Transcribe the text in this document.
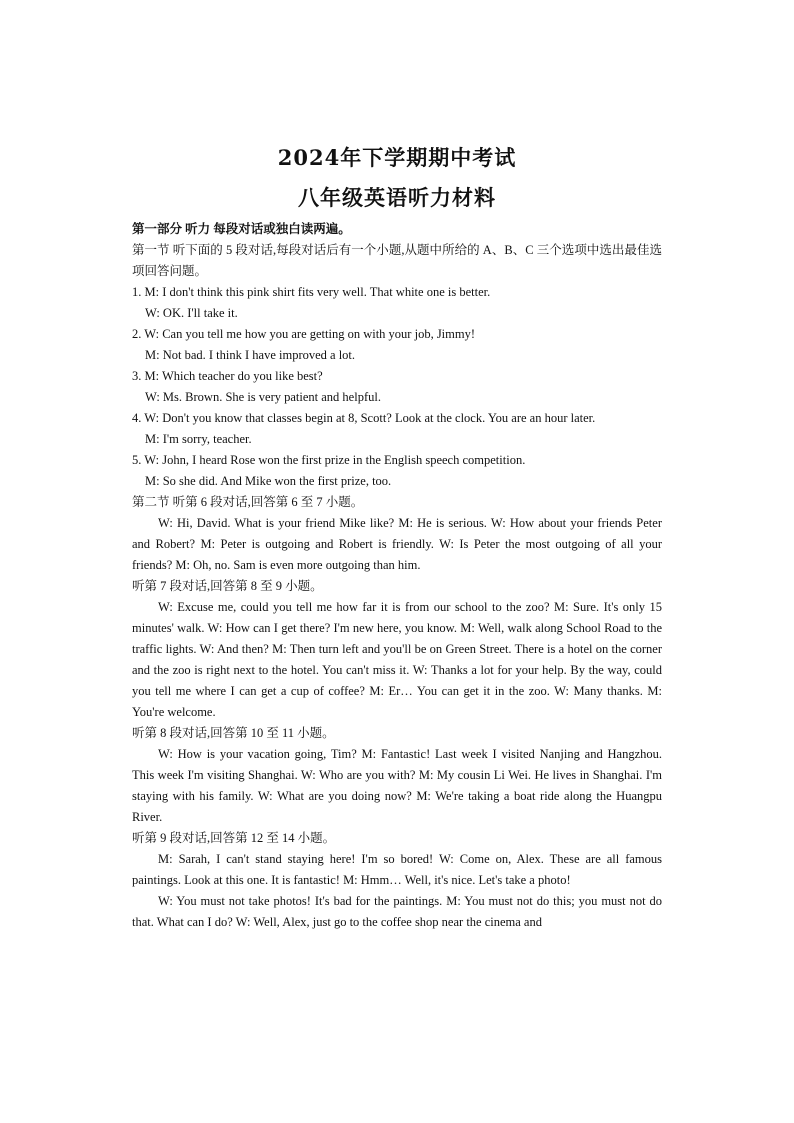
2024年下学期期中考试
八年级英语听力材料
第一部分 听力 每段对话或独白读两遍。
第一节 听下面的 5 段对话,每段对话后有一个小题,从题中所给的 A、B、C 三个选项中选出最佳选项回答问题。
1. M: I don't think this pink shirt fits very well. That white one is better.
W: OK. I'll take it.
2. W: Can you tell me how you are getting on with your job, Jimmy!
M: Not bad. I think I have improved a lot.
3. M: Which teacher do you like best?
W: Ms. Brown. She is very patient and helpful.
4. W: Don't you know that classes begin at 8, Scott? Look at the clock. You are an hour later.
M: I'm sorry, teacher.
5. W: John, I heard Rose won the first prize in the English speech competition.
M: So she did. And Mike won the first prize, too.
第二节 听第 6 段对话,回答第 6 至 7 小题。
W: Hi, David. What is your friend Mike like? M: He is serious. W: How about your friends Peter and Robert? M: Peter is outgoing and Robert is friendly. W: Is Peter the most outgoing of all your friends? M: Oh, no. Sam is even more outgoing than him.
听第 7 段对话,回答第 8 至 9 小题。
W: Excuse me, could you tell me how far it is from our school to the zoo? M: Sure. It's only 15 minutes' walk. W: How can I get there? I'm new here, you know. M: Well, walk along School Road to the traffic lights. W: And then? M: Then turn left and you'll be on Green Street. There is a hotel on the corner and the zoo is right next to the hotel. You can't miss it. W: Thanks a lot for your help. By the way, could you tell me where I can get a cup of coffee? M: Er… You can get it in the zoo. W: Many thanks. M: You're welcome.
听第 8 段对话,回答第 10 至 11 小题。
W: How is your vacation going, Tim? M: Fantastic! Last week I visited Nanjing and Hangzhou. This week I'm visiting Shanghai. W: Who are you with? M: My cousin Li Wei. He lives in Shanghai. I'm staying with his family. W: What are you doing now? M: We're taking a boat ride along the Huangpu River.
听第 9 段对话,回答第 12 至 14 小题。
M: Sarah, I can't stand staying here! I'm so bored! W: Come on, Alex. These are all famous paintings. Look at this one. It is fantastic! M: Hmm… Well, it's nice. Let's take a photo!
W: You must not take photos! It's bad for the paintings. M: You must not do this; you must not do that. What can I do? W: Well, Alex, just go to the coffee shop near the cinema and
